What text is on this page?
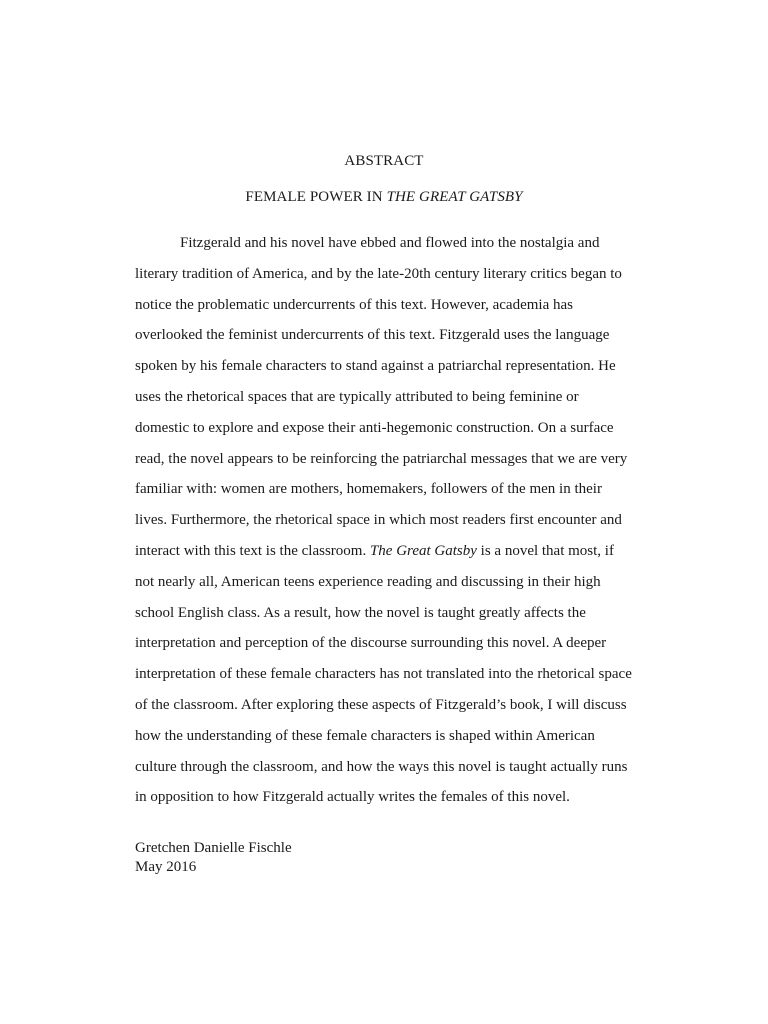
ABSTRACT
FEMALE POWER IN THE GREAT GATSBY

Fitzgerald and his novel have ebbed and flowed into the nostalgia and
literary tradition of America, and by the late-20th century literary critics began to
notice the problematic undercurrents of this text. However, academia has
overlooked the feminist undercurrents of this text. Fitzgerald uses the language
spoken by his female characters to stand against a patriarchal representation. He
uses the rhetorical spaces that are typically attributed to being feminine or
domestic to explore and expose their anti-hegemonic construction. On a surface
read, the novel appears to be reinforcing the patriarchal messages that we are very
familiar with: women are mothers, homemakers, followers of the men in their
lives. Furthermore, the rhetorical space in which most readers first encounter and
interact with this text is the classroom. The Great Gatsby is a novel that most, if
not nearly all, American teens experience reading and discussing in their high
school English class. As a result, how the novel is taught greatly affects the
interpretation and perception of the discourse surrounding this novel. A deeper
interpretation of these female characters has not translated into the rhetorical space
of the classroom. After exploring these aspects of Fitzgerald’s book, I will discuss
how the understanding of these female characters is shaped within American
culture through the classroom, and how the ways this novel is taught actually runs
in opposition to how Fitzgerald actually writes the females of this novel.

Gretchen Danielle Fischle
May 2016
